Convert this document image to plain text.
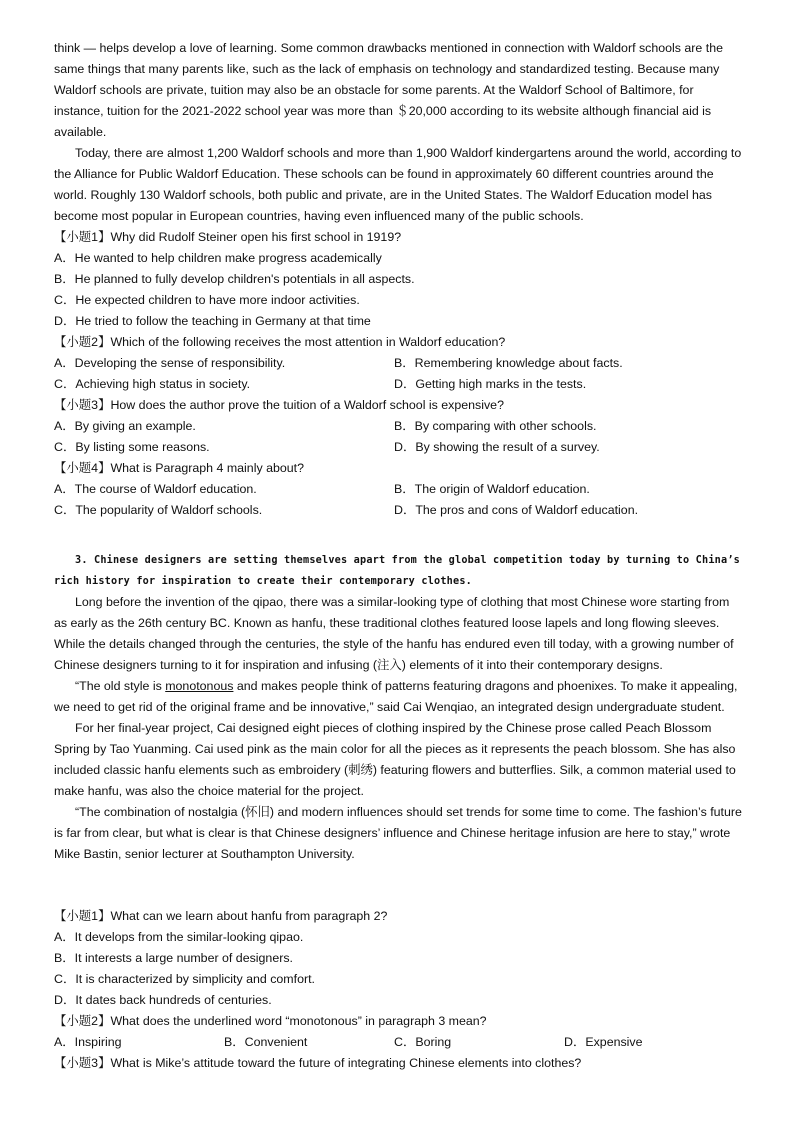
think — helps develop a love of learning. Some common drawbacks mentioned in connection with Waldorf schools are the same things that many parents like, such as the lack of emphasis on technology and standardized testing. Because many Waldorf schools are private, tuition may also be an obstacle for some parents. At the Waldorf School of Baltimore, for instance, tuition for the 2021-2022 school year was more than ＄20,000 according to its website although financial aid is available.

Today, there are almost 1,200 Waldorf schools and more than 1,900 Waldorf kindergartens around the world, according to the Alliance for Public Waldorf Education. These schools can be found in approximately 60 different countries around the world. Roughly 130 Waldorf schools, both public and private, are in the United States. The Waldorf Education model has become most popular in European countries, having even influenced many of the public schools.

【小题1】Why did Rudolf Steiner open his first school in 1919?

A．He wanted to help children make progress academically

B．He planned to fully develop children's potentials in all aspects.

C．He expected children to have more indoor activities.

D．He tried to follow the teaching in Germany at that time

【小题2】Which of the following receives the most attention in Waldorf education?

A．Developing the sense of responsibility.	B．Remembering knowledge about facts.
C．Achieving high status in society.	D．Getting high marks in the tests.

【小题3】How does the author prove the tuition of a Waldorf school is expensive?

A．By giving an example.	B．By comparing with other schools.
C．By listing some reasons.	D．By showing the result of a survey.

【小题4】What is Paragraph 4 mainly about?

A．The course of Waldorf education.	B．The origin of Waldorf education.
C．The popularity of Waldorf schools.	D．The pros and cons of Waldorf education.

3. Chinese designers are setting themselves apart from the global competition today by turning to China’s rich history for inspiration to create their contemporary clothes.

Long before the invention of the qipao, there was a similar-looking type of clothing that most Chinese wore starting from as early as the 26th century BC. Known as hanfu, these traditional clothes featured loose lapels and long flowing sleeves. While the details changed through the centuries, the style of the hanfu has endured even till today, with a growing number of Chinese designers turning to it for inspiration and infusing (注入) elements of it into their contemporary designs.

“The old style is monotonous and makes people think of patterns featuring dragons and phoenixes. To make it appealing, we need to get rid of the original frame and be innovative,” said Cai Wenqiao, an integrated design undergraduate student.

For her final-year project, Cai designed eight pieces of clothing inspired by the Chinese prose called Peach Blossom Spring by Tao Yuanming. Cai used pink as the main color for all the pieces as it represents the peach blossom. She has also included classic hanfu elements such as embroidery (刺绣) featuring flowers and butterflies. Silk, a common material used to make hanfu, was also the choice material for the project.

“The combination of nostalgia (怀旧) and modern influences should set trends for some time to come. The fashion’s future is far from clear, but what is clear is that Chinese designers’ influence and Chinese heritage infusion are here to stay,” wrote Mike Bastin, senior lecturer at Southampton University.

【小题1】What can we learn about hanfu from paragraph 2?

A．It develops from the similar-looking qipao.

B．It interests a large number of designers.

C．It is characterized by simplicity and comfort.

D．It dates back hundreds of centuries.

【小题2】What does the underlined word “monotonous” in paragraph 3 mean?

A．Inspiring	B．Convenient	C．Boring	D．Expensive

【小题3】What is Mike’s attitude toward the future of integrating Chinese elements into clothes?
